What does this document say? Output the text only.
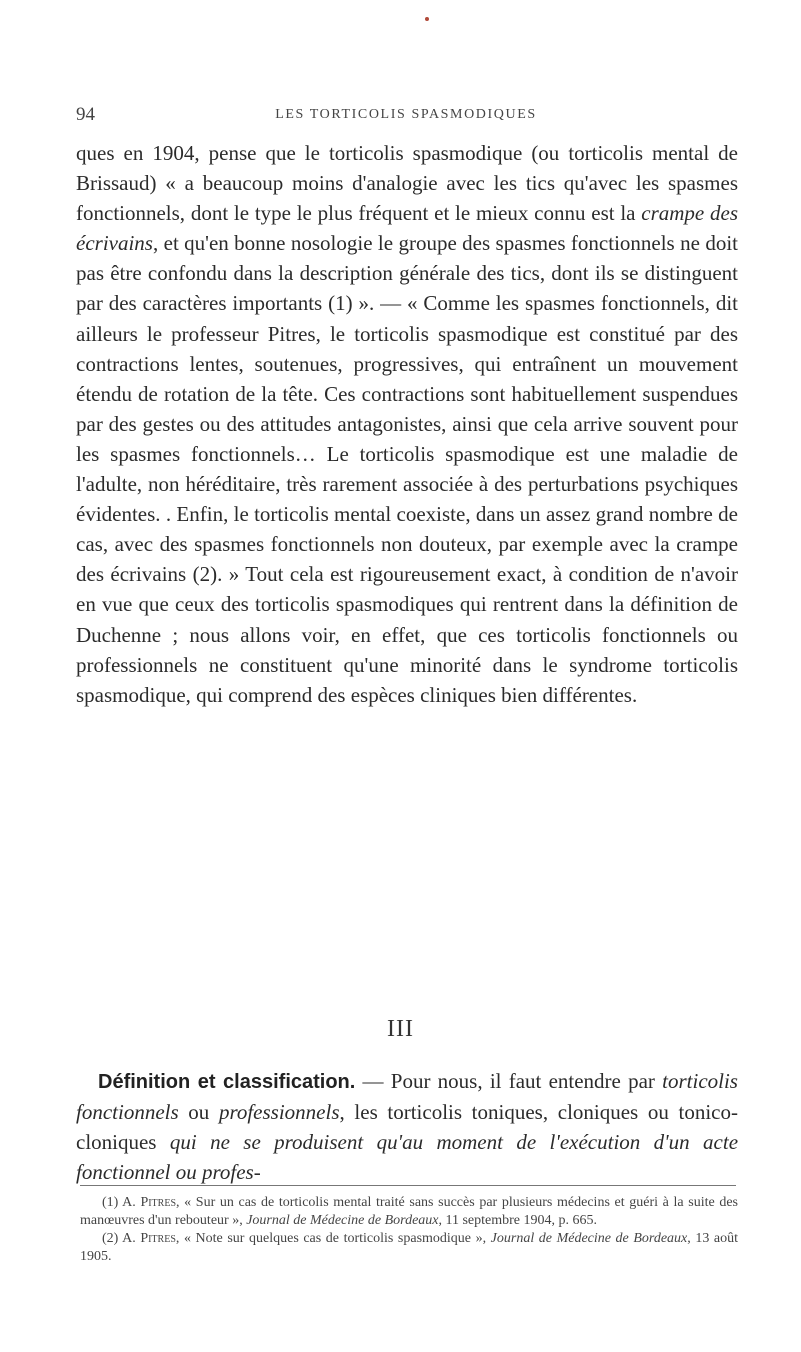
94	LES TORTICOLIS SPASMODIQUES

ques en 1904, pense que le torticolis spasmodique (ou torticolis mental de Brissaud) « a beaucoup moins d'analogie avec les tics qu'avec les spasmes fonctionnels, dont le type le plus fréquent et le mieux connu est la crampe des écrivains, et qu'en bonne nosologie le groupe des spasmes fonctionnels ne doit pas être confondu dans la description générale des tics, dont ils se distinguent par des caractères importants (1) ». — « Comme les spasmes fonctionnels, dit ailleurs le professeur Pitres, le torticolis spasmodique est constitué par des contractions lentes, soutenues, progressives, qui entraînent un mouvement étendu de rotation de la tête. Ces contractions sont habituellement suspendues par des gestes ou des attitudes antagonistes, ainsi que cela arrive souvent pour les spasmes fonctionnels… Le torticolis spasmodique est une maladie de l'adulte, non héréditaire, très rarement associée à des perturbations psychiques évidentes. . Enfin, le torticolis mental coexiste, dans un assez grand nombre de cas, avec des spasmes fonctionnels non douteux, par exemple avec la crampe des écrivains (2). » Tout cela est rigoureusement exact, à condition de n'avoir en vue que ceux des torticolis spasmodiques qui rentrent dans la définition de Duchenne ; nous allons voir, en effet, que ces torticolis fonctionnels ou professionnels ne constituent qu'une minorité dans le syndrome torticolis spasmodique, qui comprend des espèces cliniques bien différentes.

III

Définition et classification. — Pour nous, il faut entendre par torticolis fonctionnels ou professionnels, les torticolis toniques, cloniques ou tonico-cloniques qui ne se produisent qu'au moment de l'exécution d'un acte fonctionnel ou profes-

(1) A. Pitres, « Sur un cas de torticolis mental traité sans succès par plusieurs médecins et guéri à la suite des manœuvres d'un rebouteur », Journal de Médecine de Bordeaux, 11 septembre 1904, p. 665.

(2) A. Pitres, « Note sur quelques cas de torticolis spasmodique », Journal de Médecine de Bordeaux, 13 août 1905.
